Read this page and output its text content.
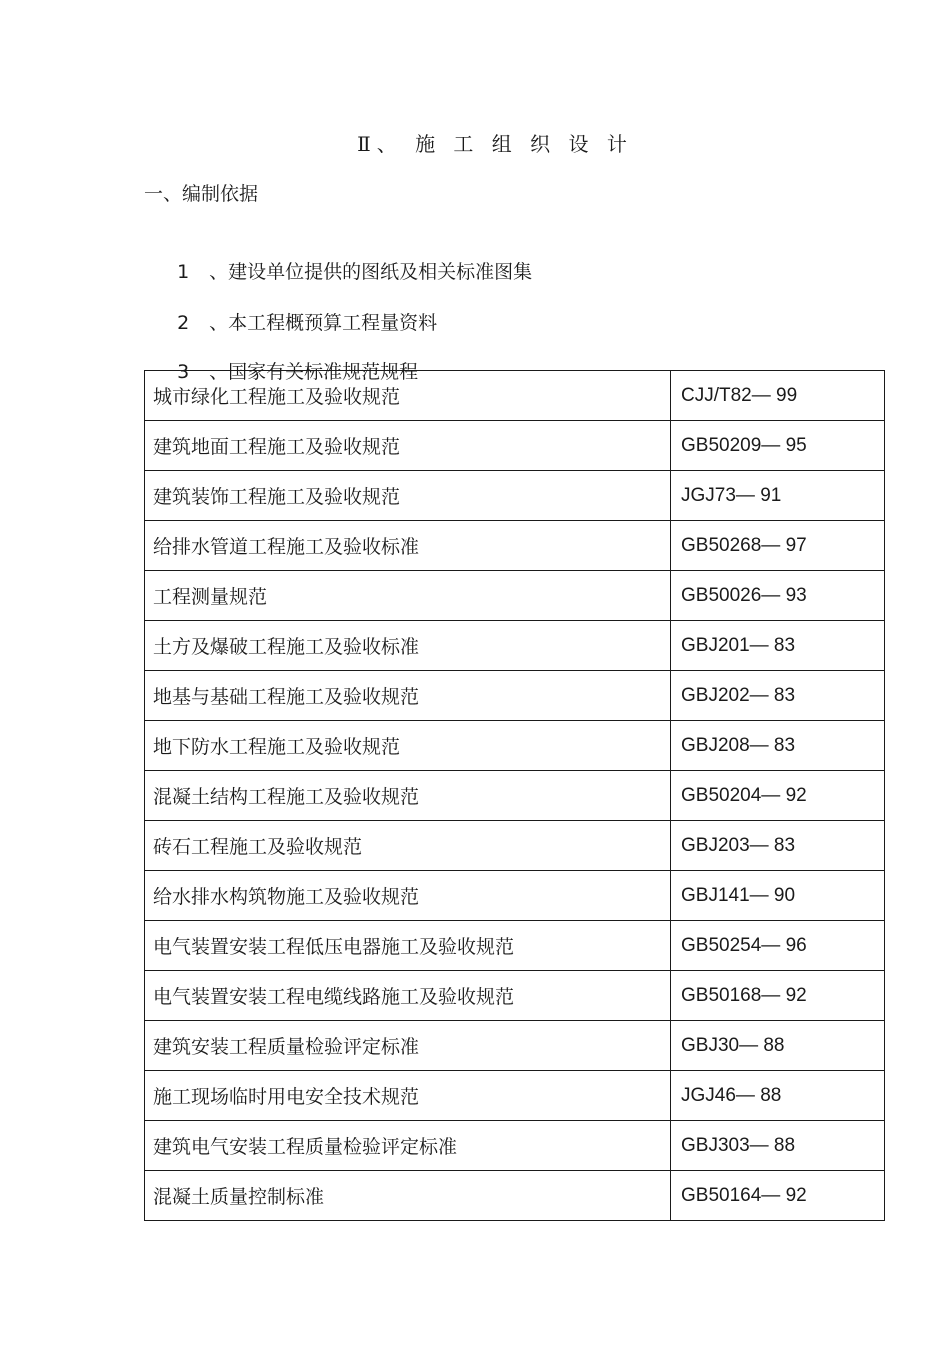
Ⅱ、 施 工 组 织 设 计
一、编制依据

1 、建设单位提供的图纸及相关标准图集

2 、本工程概预算工程量资料

3 、国家有关标准规范规程

城市绿化工程施工及验收规范	CJJ/T82— 99
建筑地面工程施工及验收规范	GB50209— 95
建筑装饰工程施工及验收规范	JGJ73— 91
给排水管道工程施工及验收标准	GB50268— 97
工程测量规范	GB50026— 93
土方及爆破工程施工及验收标准	GBJ201— 83
地基与基础工程施工及验收规范	GBJ202— 83
地下防水工程施工及验收规范	GBJ208— 83
混凝土结构工程施工及验收规范	GB50204— 92
砖石工程施工及验收规范	GBJ203— 83
给水排水构筑物施工及验收规范	GBJ141— 90
电气装置安装工程低压电器施工及验收规范	GB50254— 96
电气装置安装工程电缆线路施工及验收规范	GB50168— 92
建筑安装工程质量检验评定标准	GBJ30— 88
施工现场临时用电安全技术规范	JGJ46— 88
建筑电气安装工程质量检验评定标准	GBJ303— 88
混凝土质量控制标准	GB50164— 92
